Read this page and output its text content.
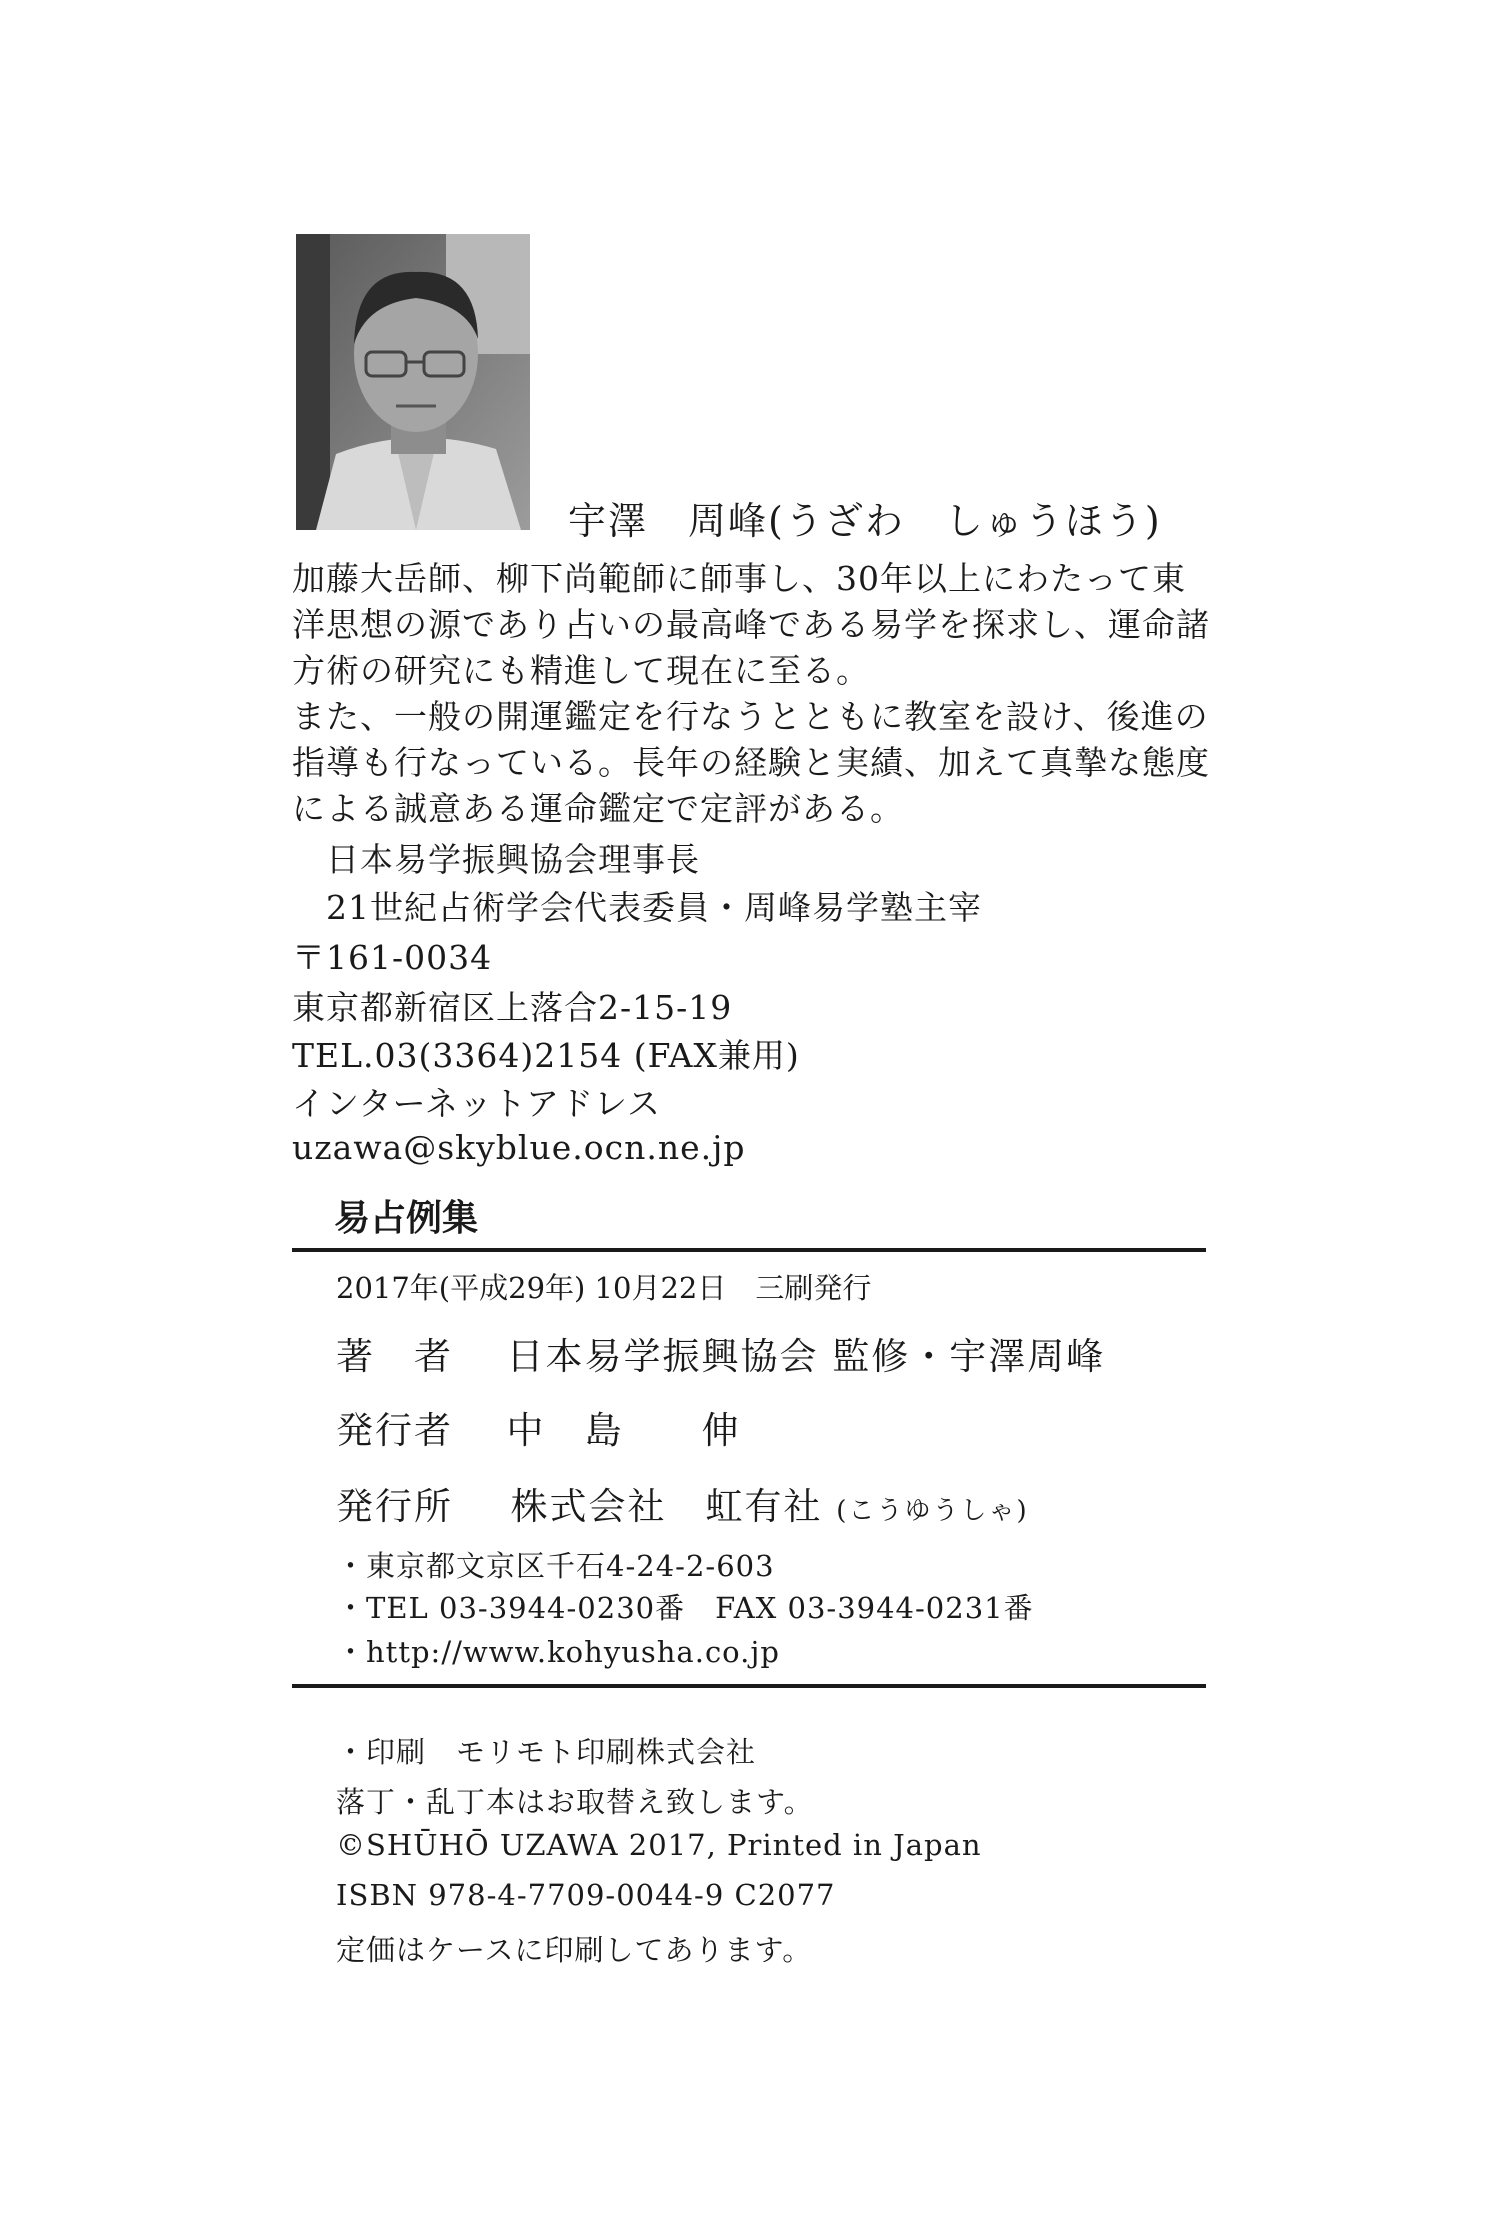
宇澤　周峰(うざわ　しゅうほう)

加藤大岳師、柳下尚範師に師事し、30年以上にわたって東洋思想の源であり占いの最高峰である易学を探求し、運命諸方術の研究にも精進して現在に至る。

また、一般の開運鑑定を行なうとともに教室を設け、後進の指導も行なっている。長年の経験と実績、加えて真摯な態度による誠意ある運命鑑定で定評がある。

日本易学振興協会理事長
21世紀占術学会代表委員・周峰易学塾主宰
〒161-0034
東京都新宿区上落合2-15-19
TEL.03(3364)2154 (FAX兼用)
インターネットアドレス
uzawa@skyblue.ocn.ne.jp
易占例集
2017年(平成29年) 10月22日　三刷発行
著　者 日本易学振興協会 監修・宇澤周峰
発行者 中　島　　伸
発行所 株式会社　虹有社 (こうゆうしゃ)
・東京都文京区千石4-24-2-603
・TEL 03-3944-0230番　FAX 03-3944-0231番
・http://www.kohyusha.co.jp
・印刷　モリモト印刷株式会社
落丁・乱丁本はお取替え致します。
©SHŪHŌ UZAWA 2017, Printed in Japan
ISBN 978-4-7709-0044-9 C2077
定価はケースに印刷してあります。
